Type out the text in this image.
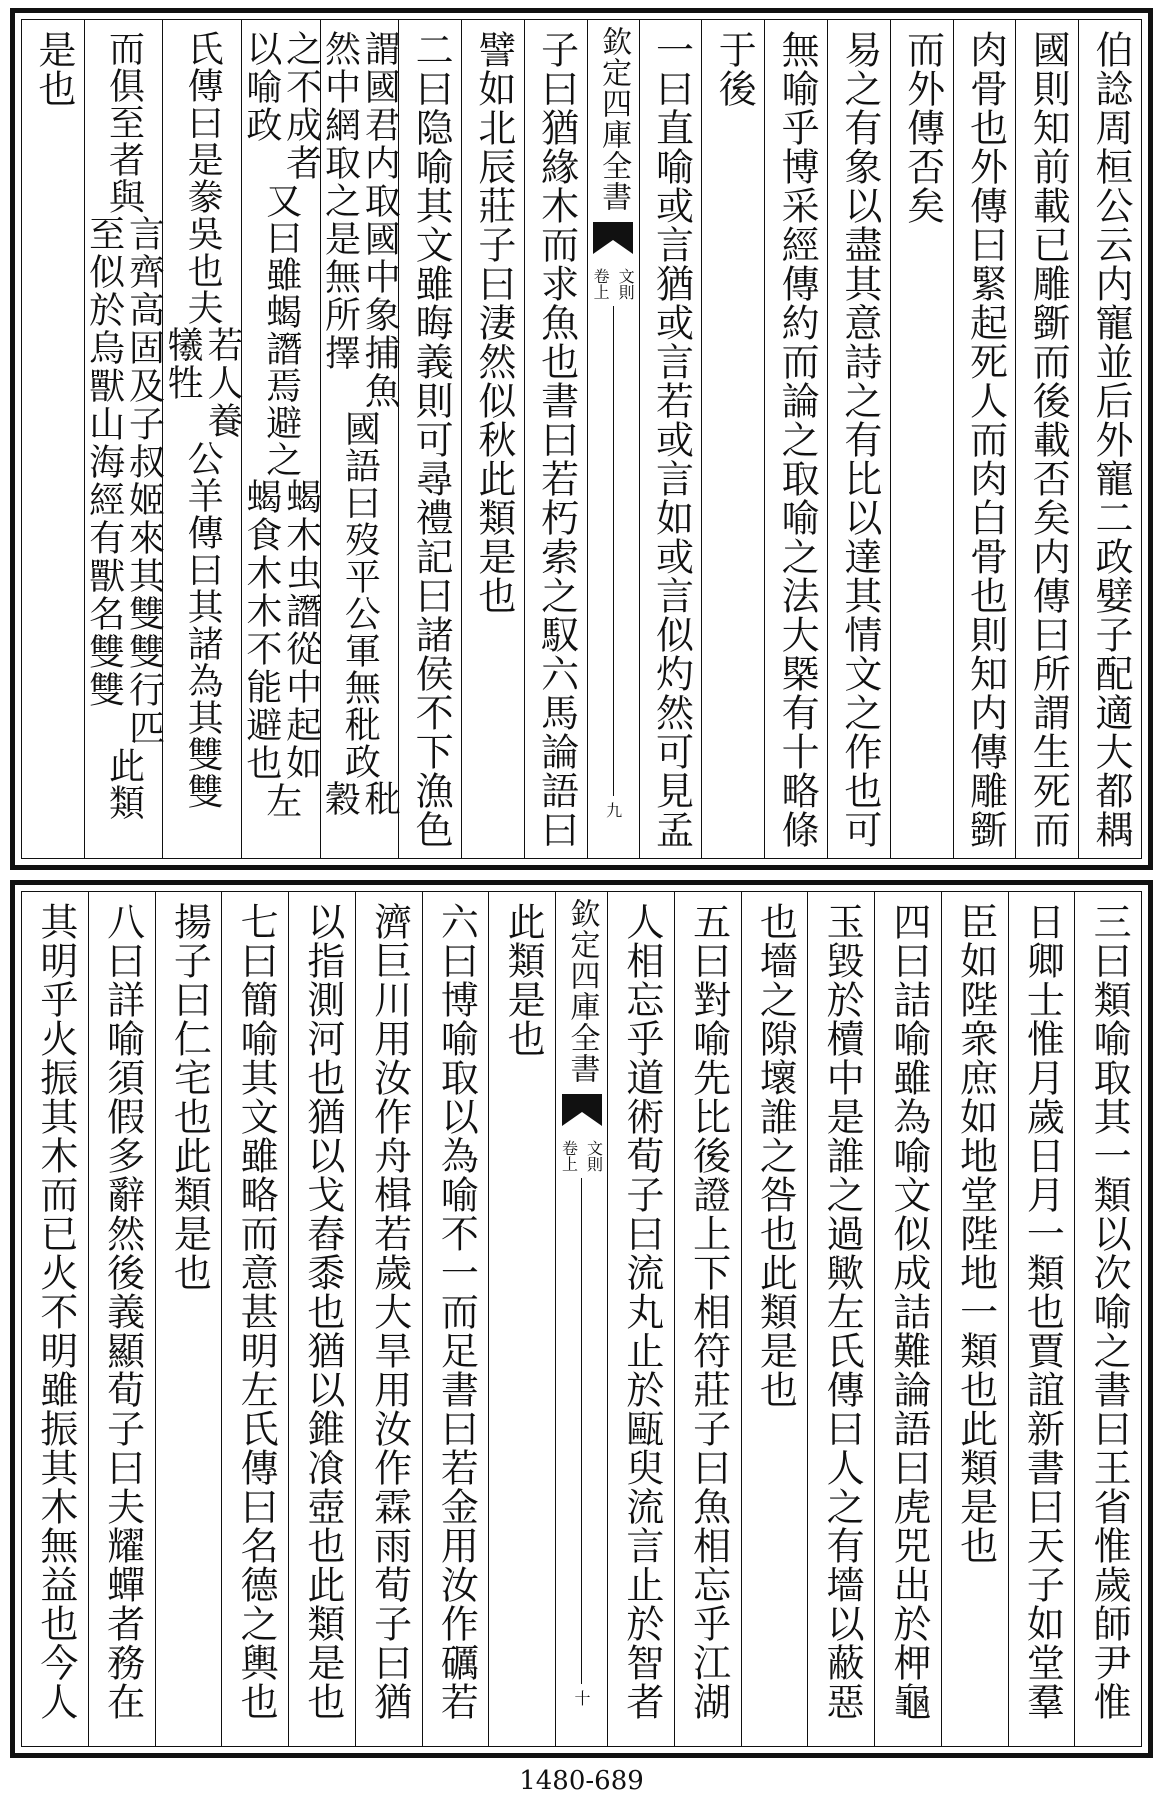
伯諗周桓公云内寵並后外寵二政嬖子配適大都耦
國則知前載已雕斵而後載否矣内傳曰所謂生死而
肉骨也外傳曰緊起死人而肉白骨也則知内傳雕斵
而外傳否矣
易之有象以盡其意詩之有比以達其情文之作也可
無喻乎博采經傳約而論之取喻之法大槩有十略條
于後
一曰直喻或言猶或言若或言如或言似灼然可見孟
欽定四庫全書
文則
卷上
九
子曰猶緣木而求魚也書曰若朽索之馭六馬論語曰
譬如北辰莊子曰淒然似秋此類是也
二曰隐喻其文雖晦義則可尋禮記曰諸侯不下漁色
謂國君内取國中象捕魚
然中網取之是無所擇
國語曰歿平公軍無秕政
秕
穀
之不成者
以喻政
又曰雖蝎譖焉避之
蝎木虫譖從中起如
蝎食木木不能避也
左
氏傳曰是豢吳也夫
若人養
犧牲
公羊傳曰其諸為其雙雙
而俱至者與
言齊高固及子叔姬來其雙雙行匹
至似於烏獸山海經有獸名雙雙
此類
是也
三曰類喻取其一類以次喻之書曰王省惟歲師尹惟
日卿士惟月歲日月一類也賈誼新書曰天子如堂羣
臣如陛衆庶如地堂陛地一類也此類是也
四曰詰喻雖為喻文似成詰難論語曰虎兕出於柙龜
玉毀於櫝中是誰之過歟左氏傳曰人之有墻以蔽惡
也墻之隙壞誰之咎也此類是也
五曰對喻先比後證上下相符莊子曰魚相忘乎江湖
人相忘乎道術荀子曰流丸止於甌臾流言止於智者
欽定四庫全書
文則
卷上
十
此類是也
六曰博喻取以為喻不一而足書曰若金用汝作礪若
濟巨川用汝作舟楫若歲大旱用汝作霖雨荀子曰猶
以指測河也猶以戈舂黍也猶以錐飡壺也此類是也
七曰簡喻其文雖略而意甚明左氏傳曰名德之輿也
揚子曰仁宅也此類是也
八曰詳喻須假多辭然後義顯荀子曰夫耀蟬者務在
其明乎火振其木而已火不明雖振其木無益也今人
1480-689
